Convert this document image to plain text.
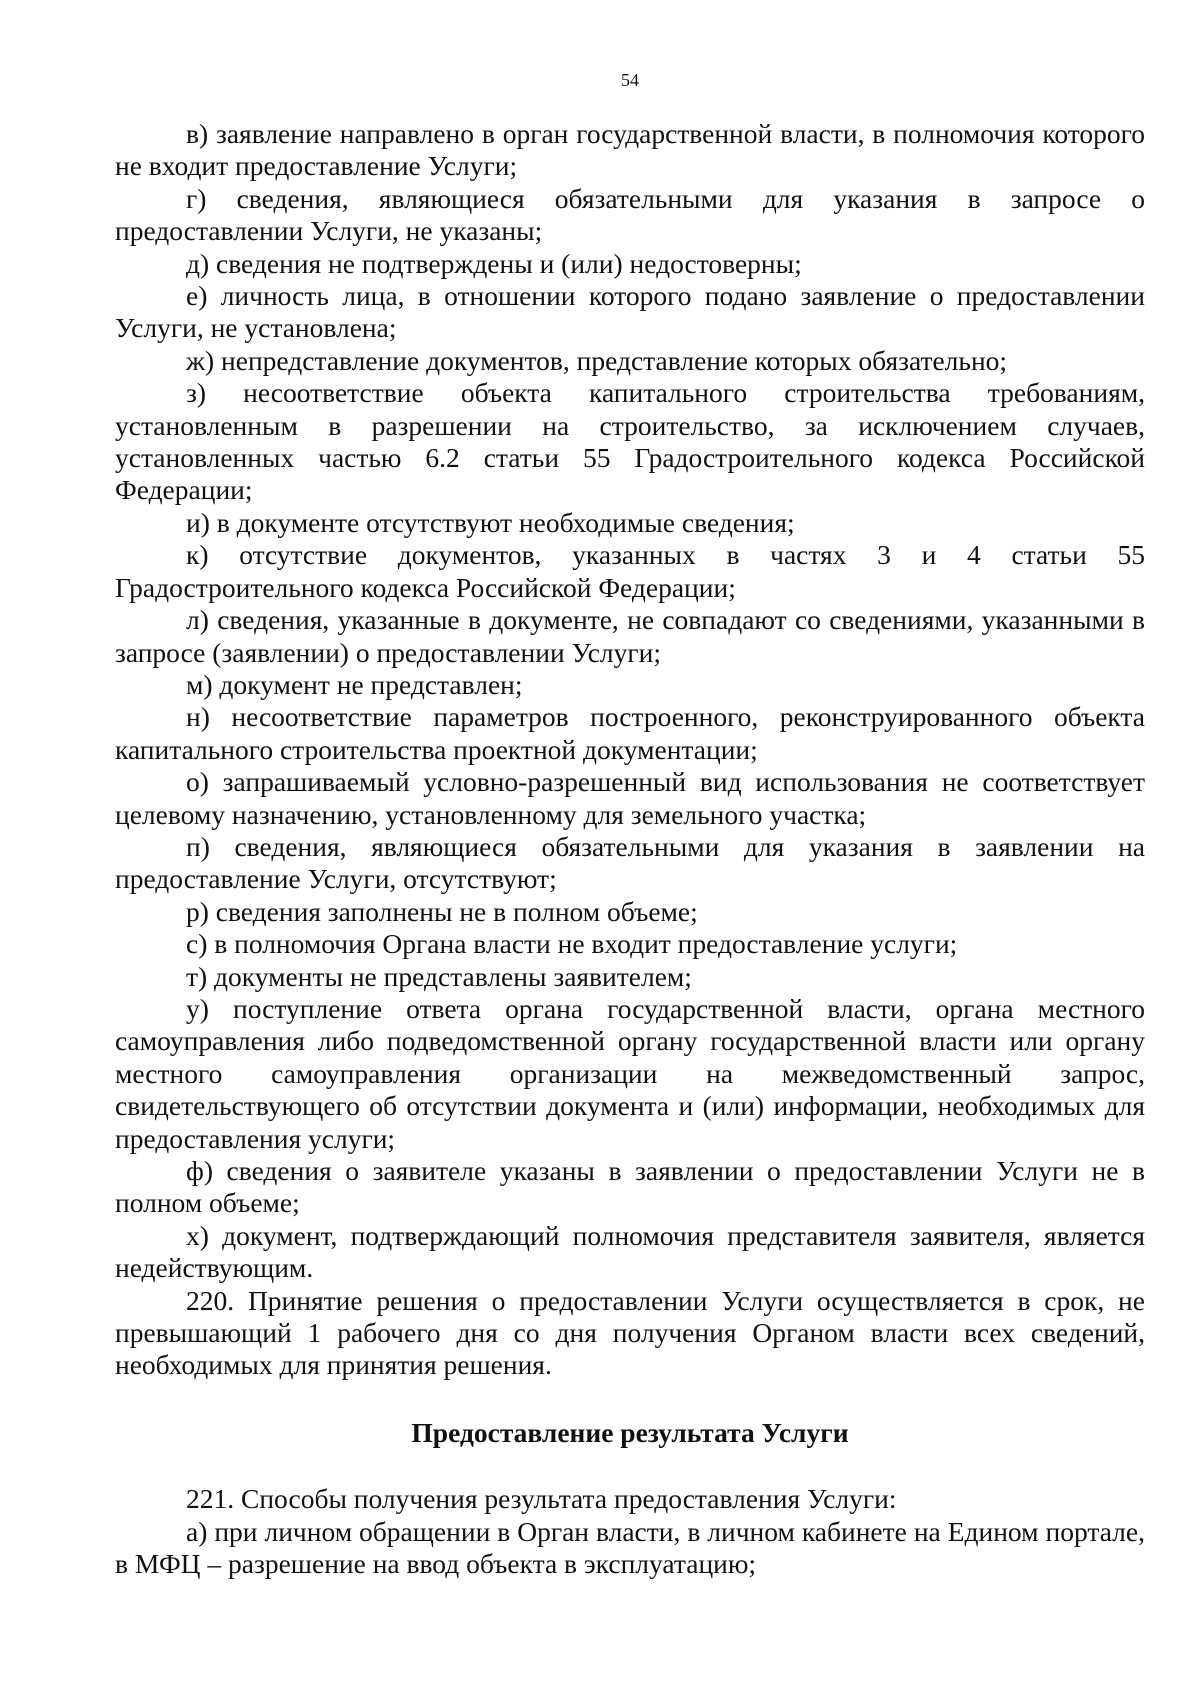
54

в) заявление направлено в орган государственной власти, в полномочия которого не входит предоставление Услуги;

г) сведения, являющиеся обязательными для указания в запросе о предоставлении Услуги, не указаны;

д) сведения не подтверждены и (или) недостоверны;

е) личность лица, в отношении которого подано заявление о предоставлении Услуги, не установлена;

ж) непредставление документов, представление которых обязательно;

з) несоответствие объекта капитального строительства требованиям, установленным в разрешении на строительство, за исключением случаев, установленных частью 6.2 статьи 55 Градостроительного кодекса Российской Федерации;

и) в документе отсутствуют необходимые сведения;

к) отсутствие документов, указанных в частях 3 и 4 статьи 55 Градостроительного кодекса Российской Федерации;

л) сведения, указанные в документе, не совпадают со сведениями, указанными в запросе (заявлении) о предоставлении Услуги;

м) документ не представлен;

н) несоответствие параметров построенного, реконструированного объекта капитального строительства проектной документации;

о) запрашиваемый условно-разрешенный вид использования не соответствует целевому назначению, установленному для земельного участка;

п) сведения, являющиеся обязательными для указания в заявлении на предоставление Услуги, отсутствуют;

р) сведения заполнены не в полном объеме;

с) в полномочия Органа власти не входит предоставление услуги;

т) документы не представлены заявителем;

у) поступление ответа органа государственной власти, органа местного самоуправления либо подведомственной органу государственной власти или органу местного самоуправления организации на межведомственный запрос, свидетельствующего об отсутствии документа и (или) информации, необходимых для предоставления услуги;

ф) сведения о заявителе указаны в заявлении о предоставлении Услуги не в полном объеме;

х) документ, подтверждающий полномочия представителя заявителя, является недействующим.

220. Принятие решения о предоставлении Услуги осуществляется в срок, не превышающий 1 рабочего дня со дня получения Органом власти всех сведений, необходимых для принятия решения.

Предоставление результата Услуги

221. Способы получения результата предоставления Услуги:

а) при личном обращении в Орган власти, в личном кабинете на Едином портале, в МФЦ – разрешение на ввод объекта в эксплуатацию;
